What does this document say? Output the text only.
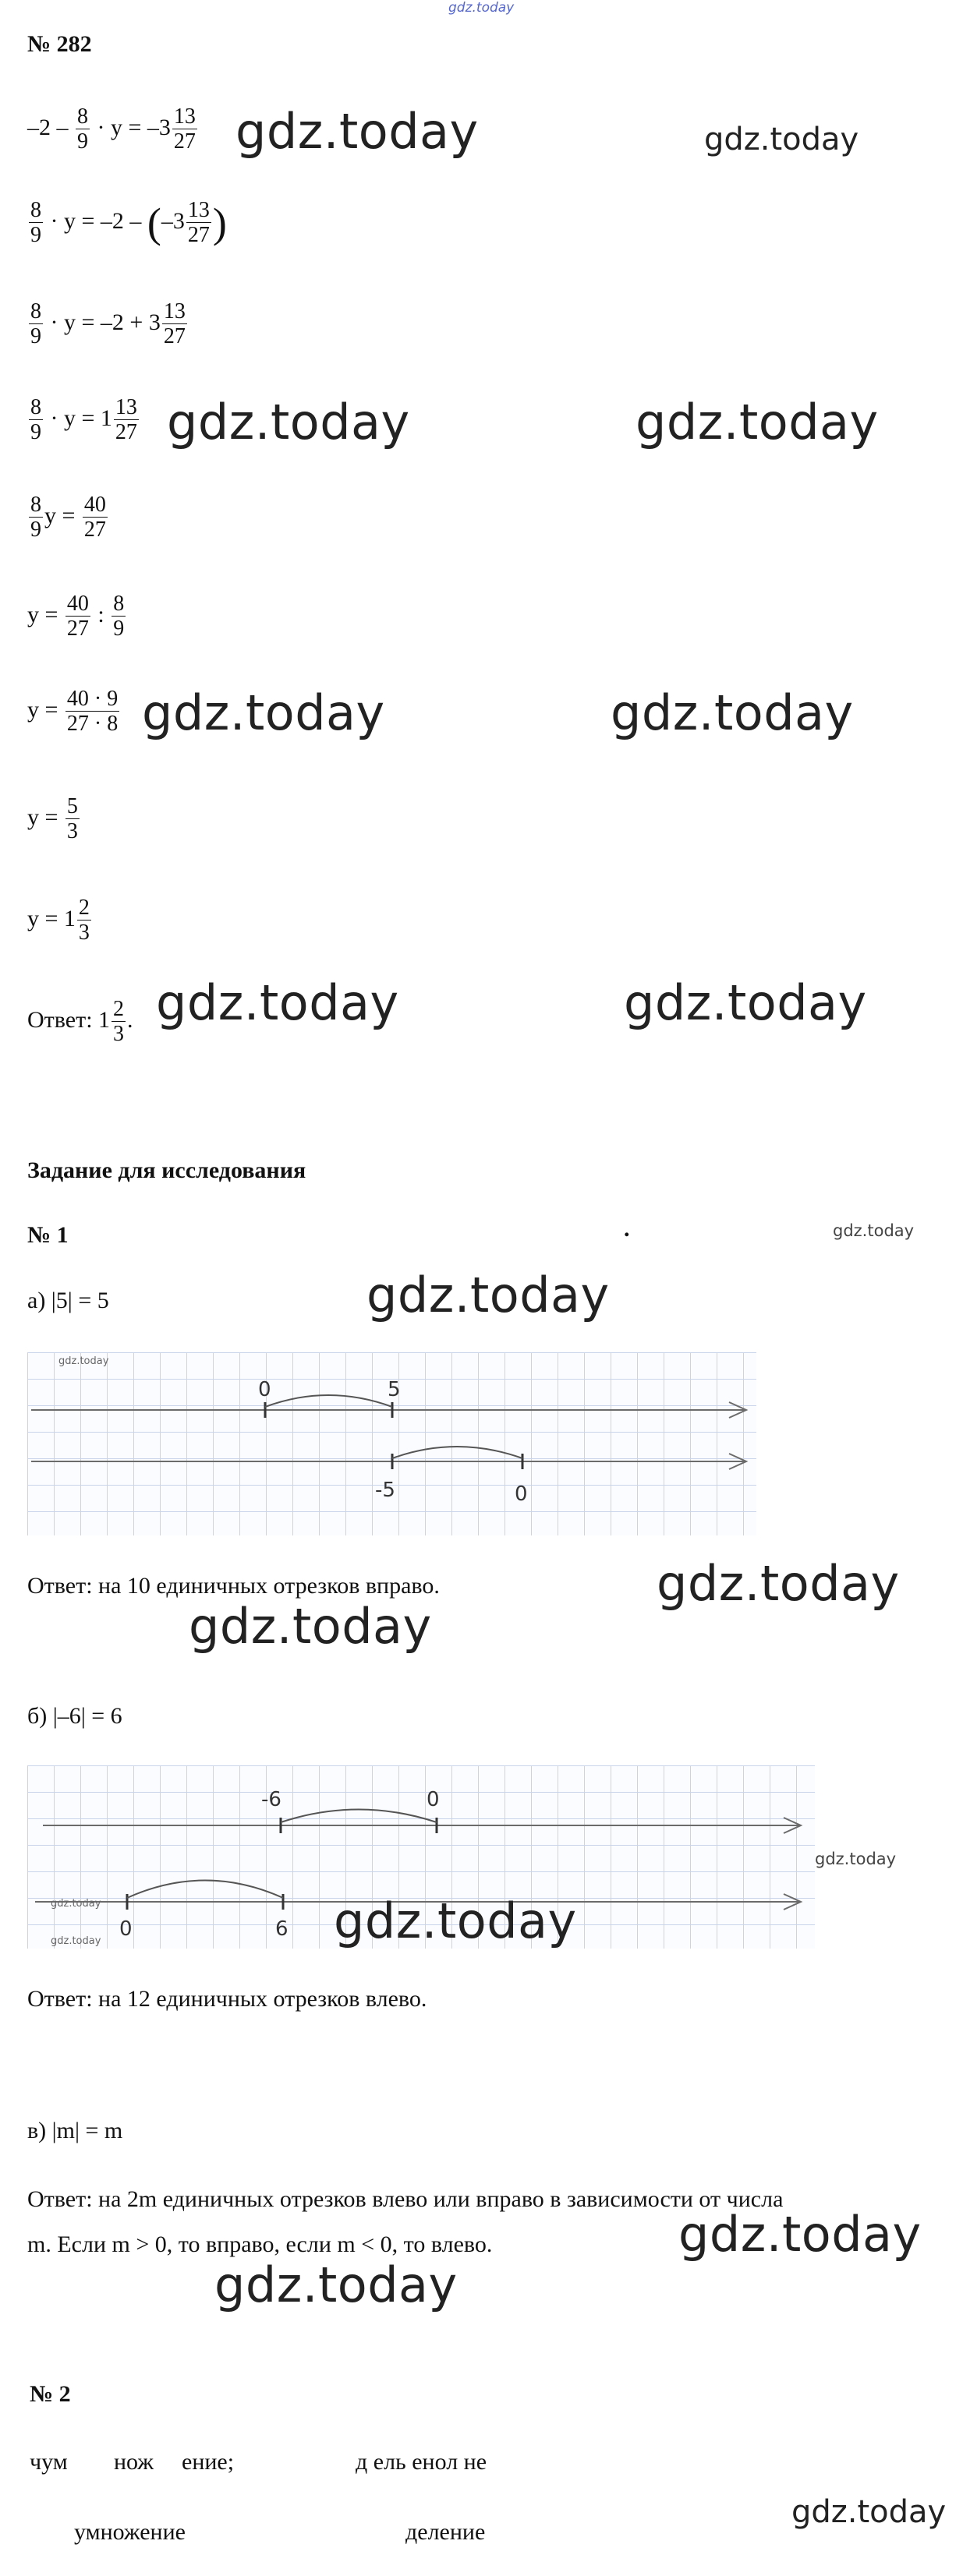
gdz.today
№ 282
$-2 - \frac{8}{9} \cdot y = -3 \frac{13}{27}$ gdz.today	gdz.today
$\frac{8}{9} \cdot y = -2 - (-3 \frac{13}{27}$ )
$\frac{8}{9} \cdot y = -2 + 3 \frac{13}{27}$
$\frac{8}{9} \cdot y = 1 \frac{13}{27}$ gdz.today	gdz.today
$\frac{8}{9}$ $y = \frac{40}{27}$
$y = \frac{40}{27}$ : $\frac{8}{9}$
$y = \frac{40 \cdot 9}{27 \cdot 8}$ gdz.today	gdz.today
$y = \frac{5}{3}$
$y = 1 \frac{2}{3}$
Ответ: $1 \frac{2}{3}$ . gdz.today	gdz.today
Задание для исследования
№ 1	.	gdz.today
а) |5| = 5	gdz.today
0	5
-5	0
gdz.today
Ответ: на 10 единичных отрезков вправо.	gdz.today
gdz.today
б) |–6| = 6
-6	0
0	6
gdz.today
gdz.today
gdz.today
gdz.today
Ответ: на 12 единичных отрезков влево.
в) |m| = m
Ответ: на 2m единичных отрезков влево или вправо в зависимости от числа
m. Если m > 0, то вправо, если m < 0, то влево.	gdz.today
gdz.today
№ 2
чум нож ение;	д ель енол не
умножение	деление
gdz.today
